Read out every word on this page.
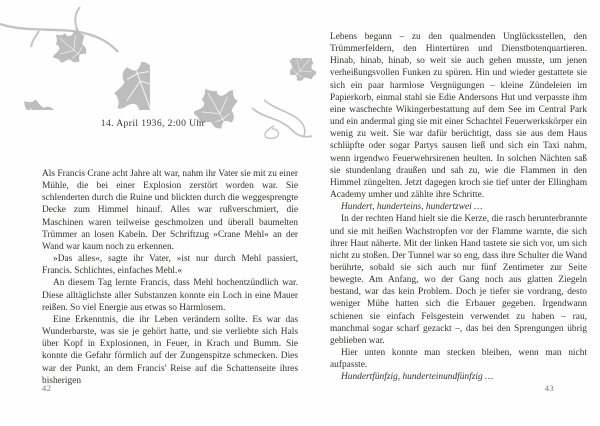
14. April 1936, 2:00 Uhr

Als Francis Crane acht Jahre alt war, nahm ihr Vater sie mit zu einer Mühle, die bei einer Explosion zerstört worden war. Sie schlenderten durch die Ruine und blickten durch die weggesprengte Decke zum Himmel hinauf. Alles war rußverschmiert, die Maschinen waren teilweise geschmolzen und überall baumelten Trümmer an losen Kabeln. Der Schriftzug »Crane Mehl« an der Wand war kaum noch zu erkennen.

»Das alles«, sagte ihr Vater, »ist nur durch Mehl passiert, Francis. Schlichtes, einfaches Mehl.«

An diesem Tag lernte Francis, dass Mehl hochentzündlich war. Diese alltäglichste aller Substanzen konnte ein Loch in eine Mauer reißen. So viel Energie aus etwas so Harmlosem.

Eine Erkenntnis, die ihr Leben verändern sollte. Es war das Wunderbarste, was sie je gehört hatte, und sie verliebte sich Hals über Kopf in Explosionen, in Feuer, in Krach und Bumm. Sie konnte die Gefahr förmlich auf der Zungenspitze schmecken. Dies war der Punkt, an dem Francis' Reise auf die Schattenseite ihres bisherigen

42

Lebens begann – zu den qualmenden Unglücksstellen, den Trümmerfeldern, den Hintertüren und Dienstbotenquartieren. Hinab, hinab, hinab, so weit sie auch gehen musste, um jenen verheißungsvollen Funken zu spüren. Hin und wieder gestattete sie sich ein paar harmlose Vergnügungen – kleine Zündeleien im Papierkorb, einmal stahl sie Edie Andersons Hut und verpasste ihm eine waschechte Wikingerbestattung auf dem See im Central Park und ein andermal ging sie mit einer Schachtel Feuerwerkskörper ein wenig zu weit. Sie war dafür berüchtigt, dass sie aus dem Haus schlüpfte oder sogar Partys sausen ließ und sich ein Taxi nahm, wenn irgendwo Feuerwehrsirenen heulten. In solchen Nächten saß sie stundenlang draußen und sah zu, wie die Flammen in den Himmel züngelten. Jetzt dagegen kroch sie tief unter der Ellingham Academy umher und zählte ihre Schritte.

Hundert, hunderteins, hundertzwei …

In der rechten Hand hielt sie die Kerze, die rasch herunterbrannte und sie mit heißen Wachstropfen vor der Flamme warnte, die sich ihrer Haut näherte. Mit der linken Hand tastete sie sich vor, um sich nicht zu stoßen. Der Tunnel war so eng, dass ihre Schulter die Wand berührte, sobald sie sich auch nur fünf Zentimeter zur Seite bewegte. Am Anfang, wo der Gang noch aus glatten Ziegeln bestand, war das kein Problem. Doch je tiefer sie vordrang, desto weniger Mühe hatten sich die Erbauer gegeben. Irgendwann schienen sie einfach Felsgestein verwendet zu haben – rau, manchmal sogar scharf gezackt –, das bei den Sprengungen übrig geblieben war.

Hier unten konnte man stecken bleiben, wenn man nicht aufpasste.

Hundertfünfzig, hunderteinundfünfzig …

43
